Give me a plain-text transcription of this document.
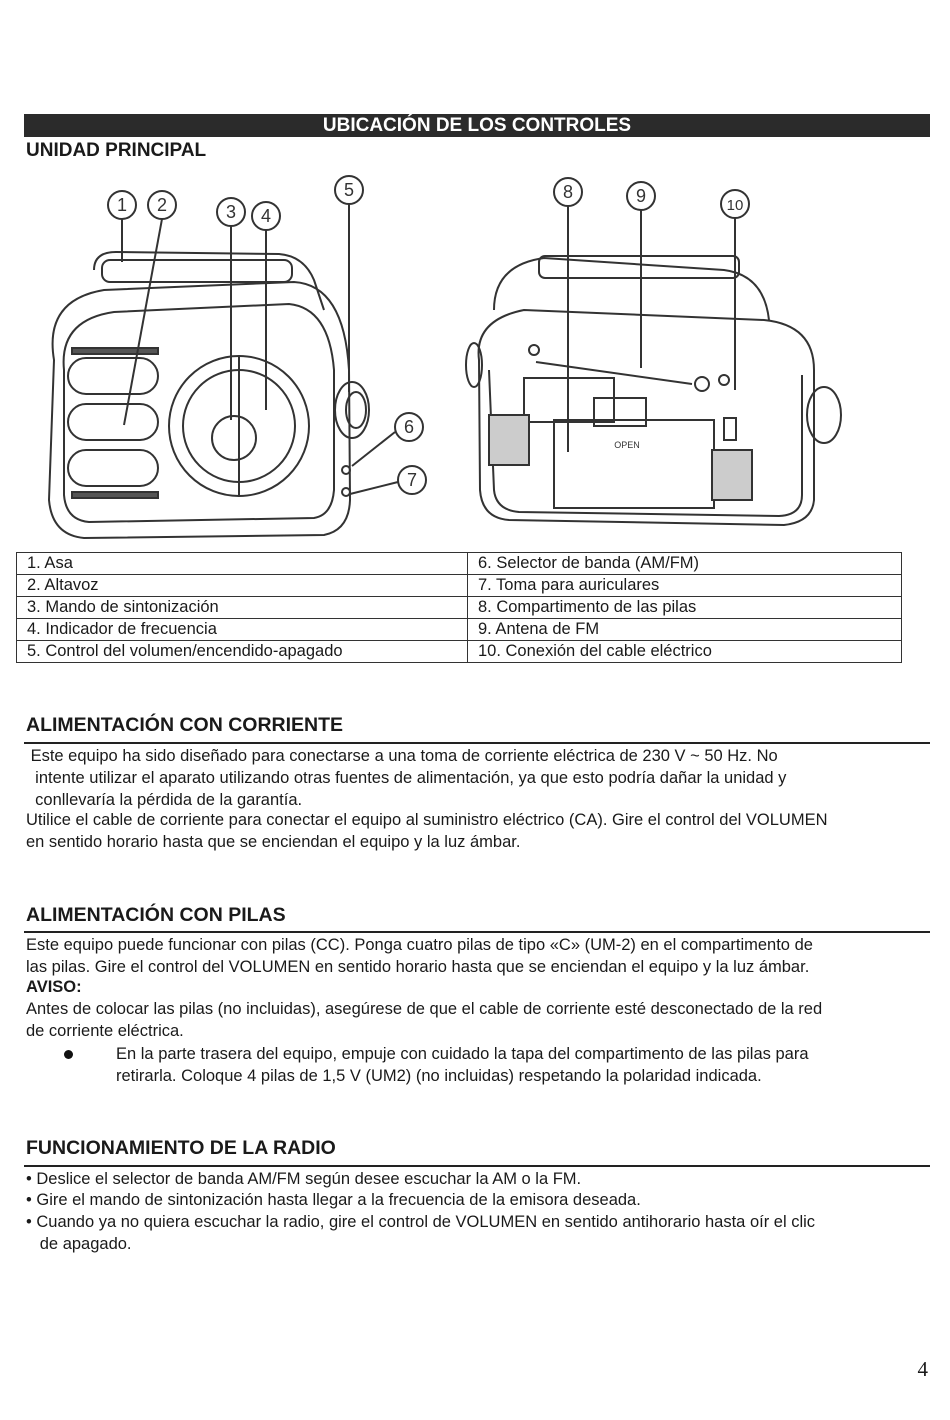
UBICACIÓN DE LOS CONTROLES
UNIDAD PRINCIPAL
1 2	3 4
5
6
7
8	9	10
OPEN
1. Asa	6. Selector de banda (AM/FM)
2. Altavoz	7. Toma para auriculares
3. Mando de sintonización	8. Compartimento de las pilas
4. Indicador de frecuencia	9. Antena de FM
5. Control del volumen/encendido-apagado	10. Conexión del cable eléctrico
ALIMENTACIÓN CON CORRIENTE
Este equipo ha sido diseñado para conectarse a una toma de corriente eléctrica de 230 V ~ 50 Hz. No
intente utilizar el aparato utilizando otras fuentes de alimentación, ya que esto podría dañar la unidad y
conllevaría la pérdida de la garantía.
Utilice el cable de corriente para conectar el equipo al suministro eléctrico (CA). Gire el control del VOLUMEN
en sentido horario hasta que se enciendan el equipo y la luz ámbar.
ALIMENTACIÓN CON PILAS
Este equipo puede funcionar con pilas (CC). Ponga cuatro pilas de tipo «C» (UM-2) en el compartimento de
las pilas. Gire el control del VOLUMEN en sentido horario hasta que se enciendan el equipo y la luz ámbar.
AVISO:
Antes de colocar las pilas (no incluidas), asegúrese de que el cable de corriente esté desconectado de la red
de corriente eléctrica.
En la parte trasera del equipo, empuje con cuidado la tapa del compartimento de las pilas para
retirarla. Coloque 4 pilas de 1,5 V (UM2) (no incluidas) respetando la polaridad indicada.
FUNCIONAMIENTO DE LA RADIO
• Deslice el selector de banda AM/FM según desee escuchar la AM o la FM.
• Gire el mando de sintonización hasta llegar a la frecuencia de la emisora deseada.
• Cuando ya no quiera escuchar la radio, gire el control de VOLUMEN en sentido antihorario hasta oír el clic
de apagado.
4
